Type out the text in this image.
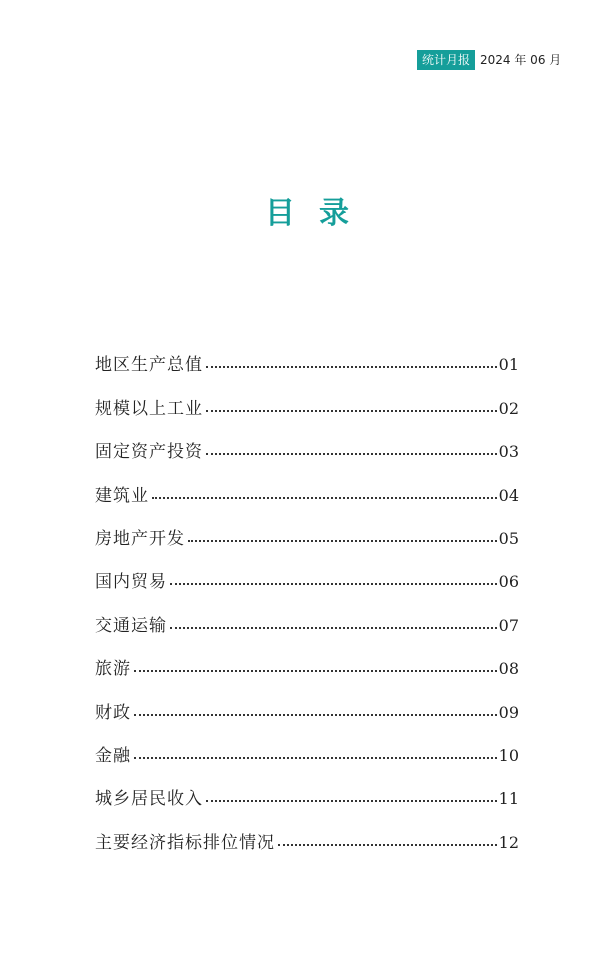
统计月报 2024 年 06 月
目录
地区生产总值	01
规模以上工业	02
固定资产投资	03
建筑业	04
房地产开发	05
国内贸易	06
交通运输	07
旅游	08
财政	09
金融	10
城乡居民收入	11
主要经济指标排位情况	12
